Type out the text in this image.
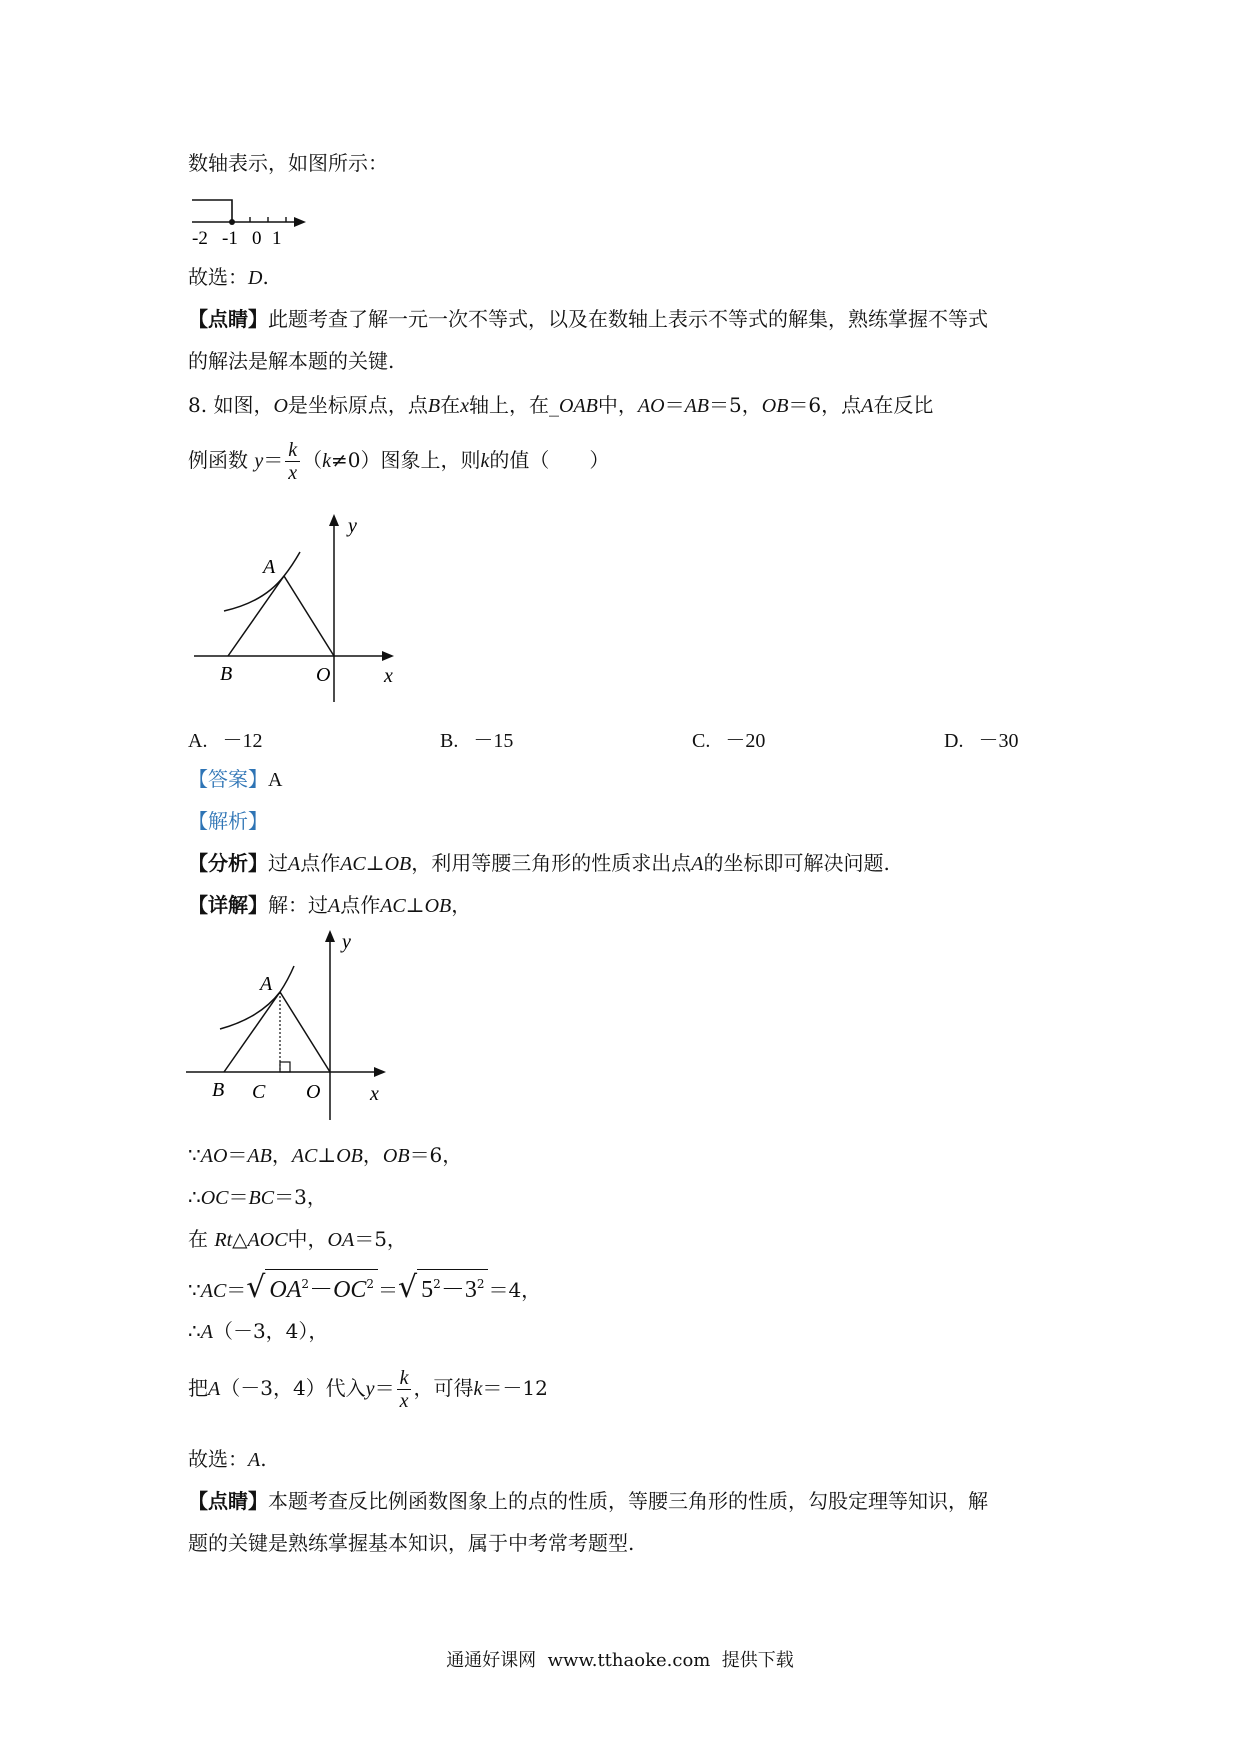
数轴表示，如图所示：
-2 -1 0 1
故选：D.
【点睛】此题考查了解一元一次不等式，以及在数轴上表示不等式的解集，熟练掌握不等式
的解法是解本题的关键.
8. 如图，O是坐标原点，点B在x轴上，在_OAB中，AO＝AB＝5，OB＝6，点A在反比
例函数 $y= \frac{k}{x} (k\ne 0)$图象上，则k的值（　　）
A
B	O	x
y
A. －12	B. －15	C. －20	D. －30
【答案】A
【解析】
【分析】过A点作AC⊥OB，利用等腰三角形的性质求出点A的坐标即可解决问题.
【详解】解：过A点作AC⊥OB，
A
B C O x
y
∵AO＝AB，AC⊥OB，OB＝6，
∴OC＝BC＝3，
在 Rt△AOC中，OA＝5，
∵AC＝√ $OA^2-OC^2$ ＝√ $5^2-3^2 =4$，
∴A（－3，4），
把A（－3，4）代入$y= \frac{k}{x}$ ，可得k＝－12
故选：A.
【点睛】本题考查反比例函数图象上的点的性质，等腰三角形的性质，勾股定理等知识，解
题的关键是熟练掌握基本知识，属于中考常考题型.
通通好课网 www.tthaoke.com 提供下载
